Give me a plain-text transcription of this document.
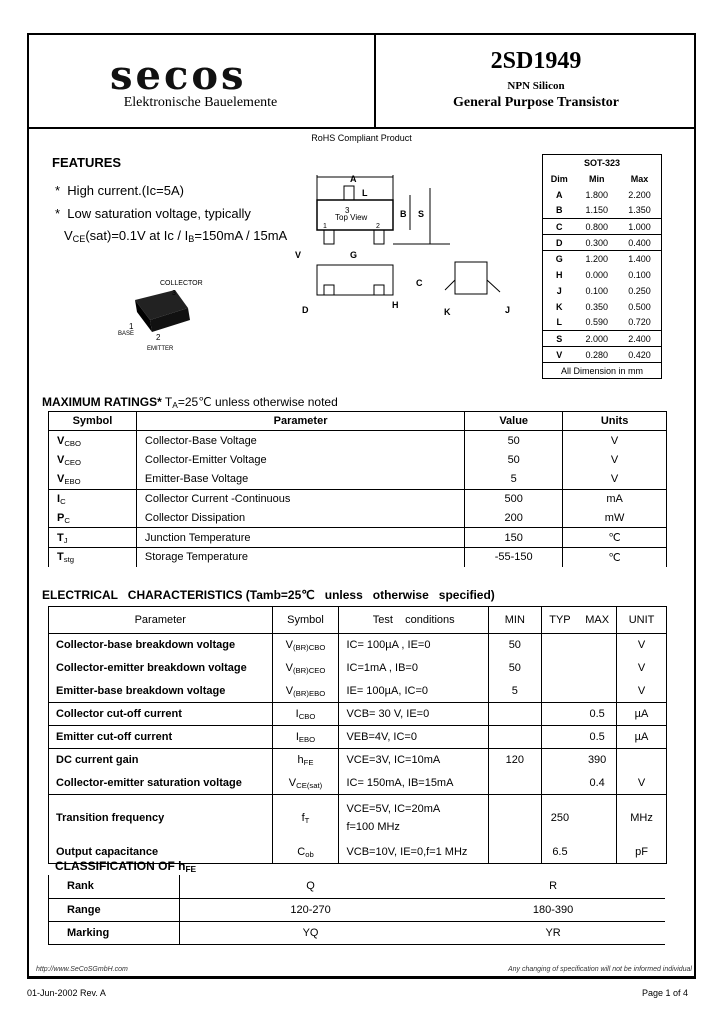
secos
Elektronische Bauelemente
2SD1949
NPN Silicon
General Purpose Transistor
RoHS Compliant Product
FEATURES
* High current.(Ic=5A)
* Low saturation voltage, typically
$V_{CE}(sat)=0.1V$ at $Ic / I_B=150mA / 15mA$
COLLECTOR
3
1
BASE	2
EMITTER
A
L
3
Top View
1	2
B S
V	G
C
H
D	K	J
SOT-323		
Dim	Min	Max
A	1.800	2.200
B	1.150	1.350
C	0.800	1.000
D	0.300	0.400
G	1.200	1.400
H	0.000	0.100
J	0.100	0.250
K	0.350	0.500
L	0.590	0.720
S	2.000	2.400
V	0.280	0.420
All Dimension in mm		
MAXIMUM RATINGS* $T_A=25℃$ unless otherwise noted
Symbol	Parameter	Value	Units
$V_{CBO}$	Collector-Base Voltage	50	V
$V_{CEO}$	Collector-Emitter Voltage	50	V
$V_{EBO}$	Emitter-Base Voltage	5	V
$I_C$	Collector Current -Continuous	500	mA
$P_C$	Collector Dissipation	200	mW
$T_J$	Junction Temperature	150	℃
$T_{stg}$	Storage Temperature	-55-150	℃
ELECTRICAL   CHARACTERISTICS (Tamb=25℃   unless   otherwise   specified)
Parameter	Symbol	Test    conditions	MIN	TYP	MAX	UNIT
Collector-base breakdown voltage	$V_{(BR)CBO}$	IC= 100µA , IE=0	50			V
Collector-emitter breakdown voltage	$V_{(BR)CEO}$	IC=1mA , IB=0	50			V
Emitter-base breakdown voltage	$V_{(BR)EBO}$	IE= 100µA, IC=0	5			V
Collector cut-off current	$I_{CBO}$	VCB= 30 V, IE=0			0.5	µA
Emitter cut-off current	$I_{EBO}$	VEB=4V, IC=0			0.5	µA
DC current gain	$h_{FE}$	VCE=3V, IC=10mA	120		390	
Collector-emitter saturation voltage	$V_{CE(sat)}$	IC= 150mA, IB=15mA			0.4	V
Transition frequency	$f_T$	VCE=5V, IC=20mA
f=100 MHz		250		MHz
Output capacitance	$C_{ob}$	VCB=10V, IE=0,f=1 MHz		6.5		pF
CLASSIFICATION OF $h_{FE}$
Rank	Q	R
Range	120-270	180-390
Marking	YQ	YR
http://www.SeCoSGmbH.com	Any changing of specification will not be informed individual
01-Jun-2002 Rev. A	Page 1 of 4
